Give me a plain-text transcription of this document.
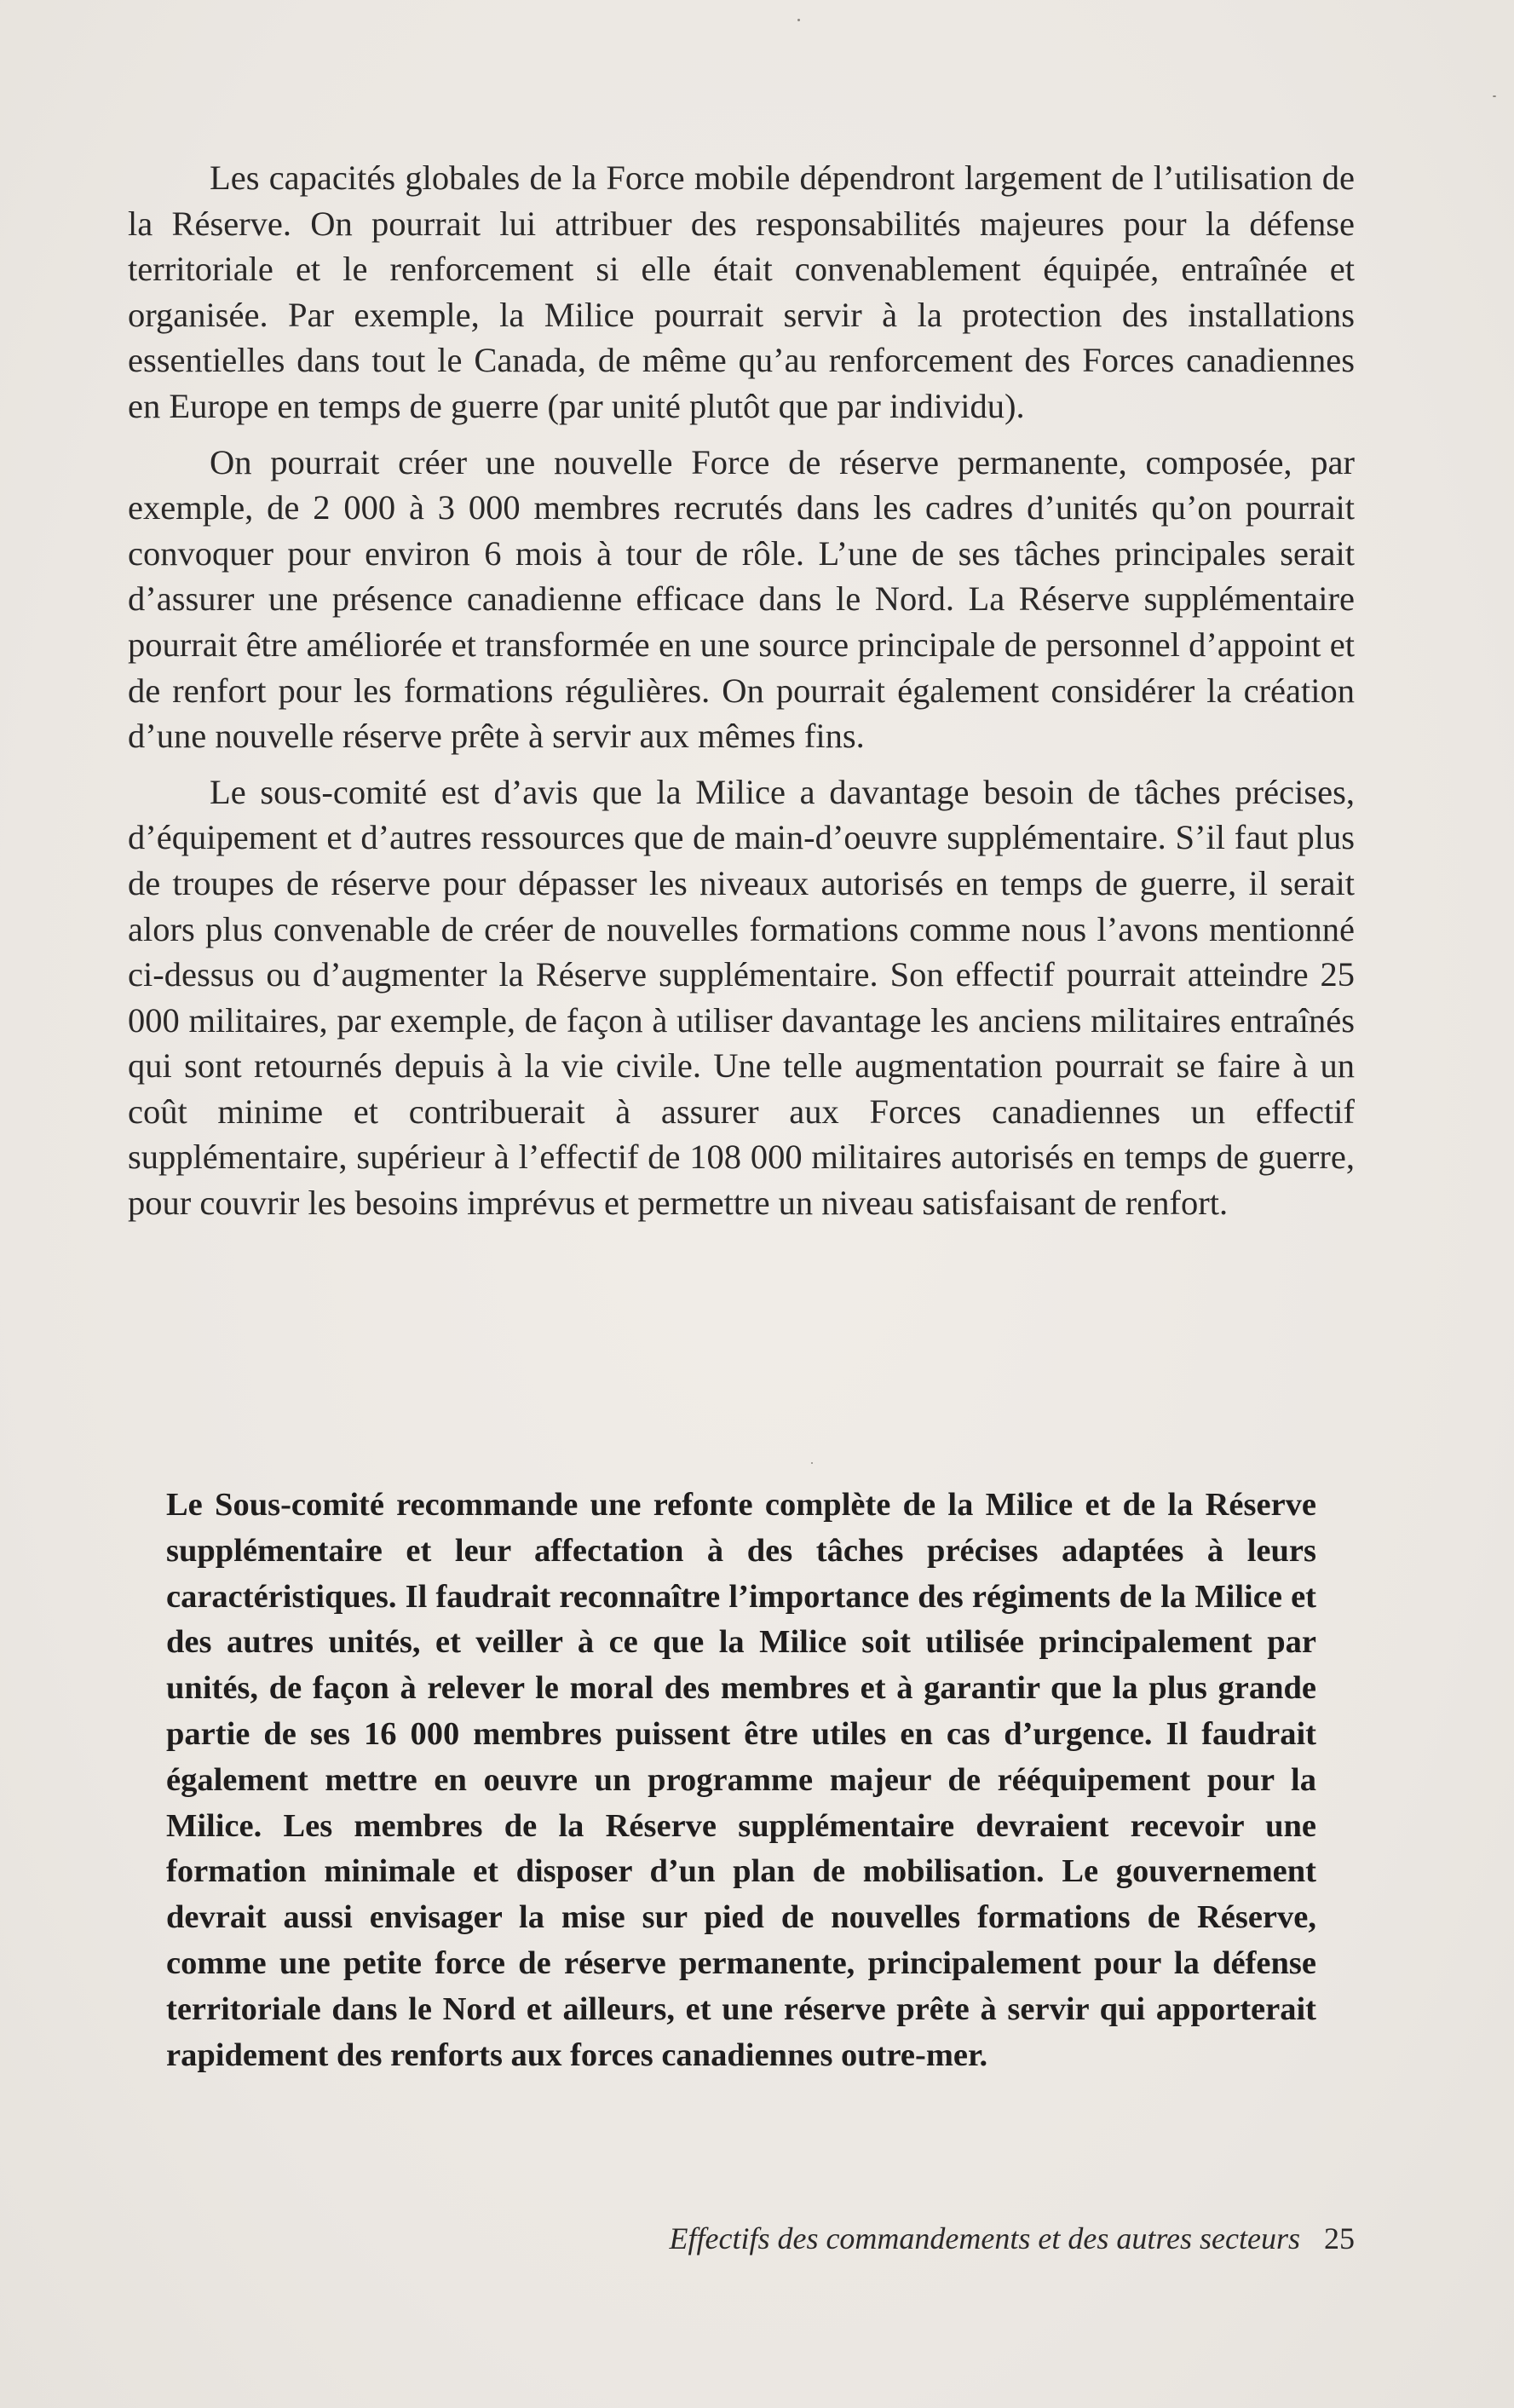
Les capacités globales de la Force mobile dépendront largement de l’utilisation de la Réserve. On pourrait lui attribuer des responsabilités majeures pour la défense territoriale et le renforcement si elle était convenablement équipée, entraînée et organisée. Par exemple, la Milice pourrait servir à la protection des installations essentielles dans tout le Canada, de même qu’au renforcement des Forces canadiennes en Europe en temps de guerre (par unité plutôt que par individu).

On pourrait créer une nouvelle Force de réserve permanente, composée, par exemple, de 2 000 à 3 000 membres recrutés dans les cadres d’unités qu’on pourrait convoquer pour environ 6 mois à tour de rôle. L’une de ses tâches principales serait d’assurer une présence canadienne efficace dans le Nord. La Réserve supplémentaire pourrait être améliorée et transformée en une source principale de personnel d’appoint et de renfort pour les formations régulières. On pourrait également considérer la création d’une nouvelle réserve prête à servir aux mêmes fins.

Le sous-comité est d’avis que la Milice a davantage besoin de tâches précises, d’équipement et d’autres ressources que de main-d’oeuvre supplémentaire. S’il faut plus de troupes de réserve pour dépasser les niveaux autorisés en temps de guerre, il serait alors plus convenable de créer de nouvelles formations comme nous l’avons mentionné ci-dessus ou d’augmenter la Réserve supplémentaire. Son effectif pourrait atteindre 25 000 militaires, par exemple, de façon à utiliser davantage les anciens militaires entraînés qui sont retournés depuis à la vie civile. Une telle augmentation pourrait se faire à un coût minime et contribuerait à assurer aux Forces canadiennes un effectif supplémentaire, supérieur à l’effectif de 108 000 militaires autorisés en temps de guerre, pour couvrir les besoins imprévus et permettre un niveau satisfaisant de renfort.

Le Sous-comité recommande une refonte complète de la Milice et de la Réserve supplémentaire et leur affectation à des tâches précises adaptées à leurs caractéristiques. Il faudrait reconnaître l’importance des régiments de la Milice et des autres unités, et veiller à ce que la Milice soit utilisée principalement par unités, de façon à relever le moral des membres et à garantir que la plus grande partie de ses 16 000 membres puissent être utiles en cas d’urgence. Il faudrait également mettre en oeuvre un programme majeur de rééquipement pour la Milice. Les membres de la Réserve supplémentaire devraient recevoir une formation minimale et disposer d’un plan de mobilisation. Le gouvernement devrait aussi envisager la mise sur pied de nouvelles formations de Réserve, comme une petite force de réserve permanente, principalement pour la défense territoriale dans le Nord et ailleurs, et une réserve prête à servir qui apporterait rapidement des renforts aux forces canadiennes outre-mer.

Effectifs des commandements et des autres secteurs 25
